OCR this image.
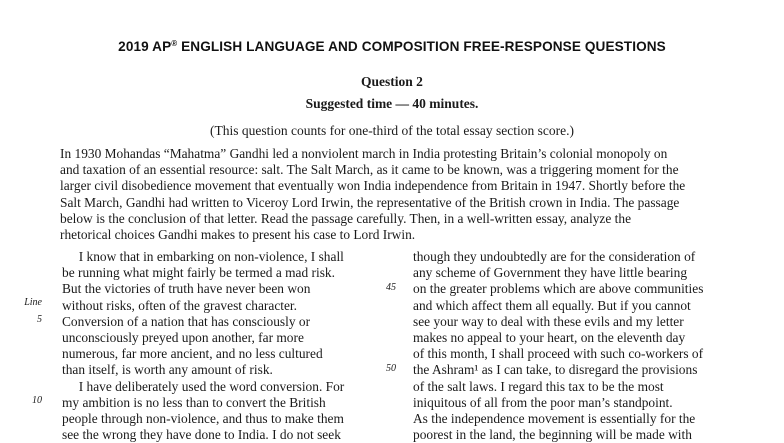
2019 AP® ENGLISH LANGUAGE AND COMPOSITION FREE-RESPONSE QUESTIONS
Question 2
Suggested time — 40 minutes.
(This question counts for one-third of the total essay section score.)
In 1930 Mohandas “Mahatma” Gandhi led a nonviolent march in India protesting Britain’s colonial monopoly on
and taxation of an essential resource: salt. The Salt March, as it came to be known, was a triggering moment for the
larger civil disobedience movement that eventually won India independence from Britain in 1947. Shortly before the
Salt March, Gandhi had written to Viceroy Lord Irwin, the representative of the British crown in India. The passage
below is the conclusion of that letter. Read the passage carefully. Then, in a well-written essay, analyze the
rhetorical choices Gandhi makes to present his case to Lord Irwin.
Line
5
10
45
50
I know that in embarking on non-violence, I shall
be running what might fairly be termed a mad risk.
But the victories of truth have never been won
without risks, often of the gravest character.
Conversion of a nation that has consciously or
unconsciously preyed upon another, far more
numerous, far more ancient, and no less cultured
than itself, is worth any amount of risk.
I have deliberately used the word conversion. For
my ambition is no less than to convert the British
people through non-violence, and thus to make them
see the wrong they have done to India. I do not seek
though they undoubtedly are for the consideration of
any scheme of Government they have little bearing
on the greater problems which are above communities
and which affect them all equally. But if you cannot
see your way to deal with these evils and my letter
makes no appeal to your heart, on the eleventh day
of this month, I shall proceed with such co-workers of
the Ashram¹ as I can take, to disregard the provisions
of the salt laws. I regard this tax to be the most
iniquitous of all from the poor man’s standpoint.
As the independence movement is essentially for the
poorest in the land, the beginning will be made with
